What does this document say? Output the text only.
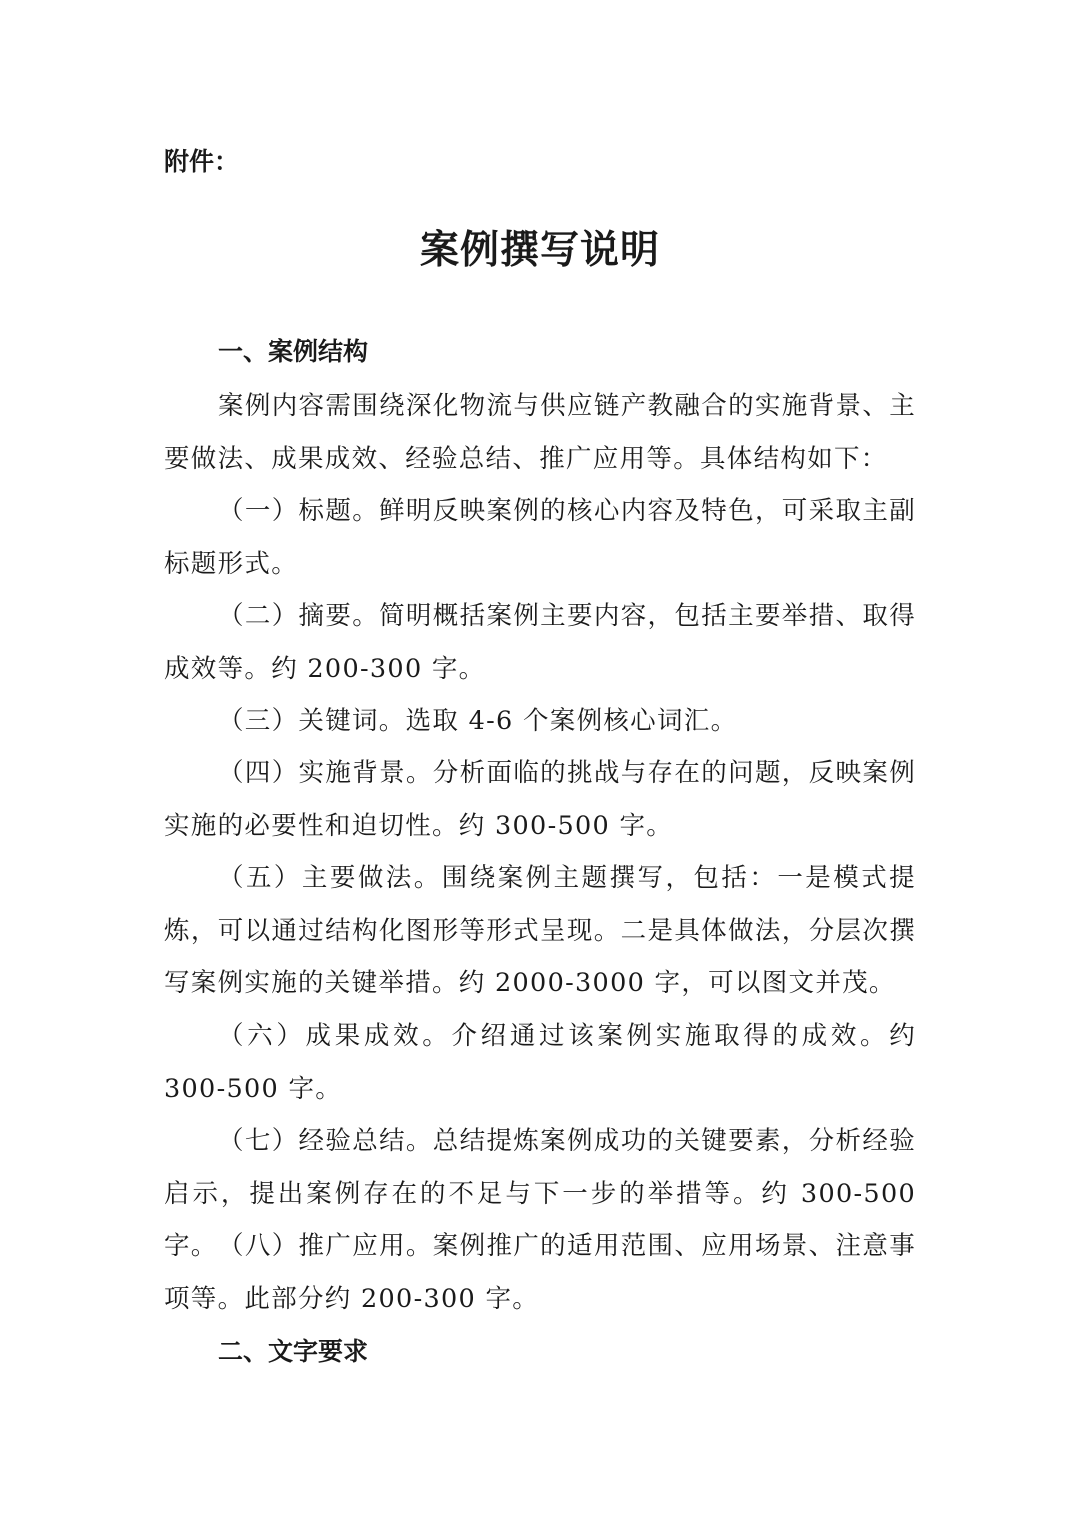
附件：

案例撰写说明
一、案例结构

案例内容需围绕深化物流与供应链产教融合的实施背景、主要做法、成果成效、经验总结、推广应用等。具体结构如下：

（一）标题。鲜明反映案例的核心内容及特色，可采取主副标题形式。

（二）摘要。简明概括案例主要内容，包括主要举措、取得成效等。约 200-300 字。

（三）关键词。选取 4-6 个案例核心词汇。

（四）实施背景。分析面临的挑战与存在的问题，反映案例实施的必要性和迫切性。约 300-500 字。

（五）主要做法。围绕案例主题撰写，包括：一是模式提炼，可以通过结构化图形等形式呈现。二是具体做法，分层次撰写案例实施的关键举措。约 2000-3000 字，可以图文并茂。

（六）成果成效。介绍通过该案例实施取得的成效。约 300-500 字。

（七）经验总结。总结提炼案例成功的关键要素，分析经验启示，提出案例存在的不足与下一步的举措等。约 300-500 字。 （八）推广应用。案例推广的适用范围、应用场景、注意事项等。此部分约 200-300 字。

二、文字要求
